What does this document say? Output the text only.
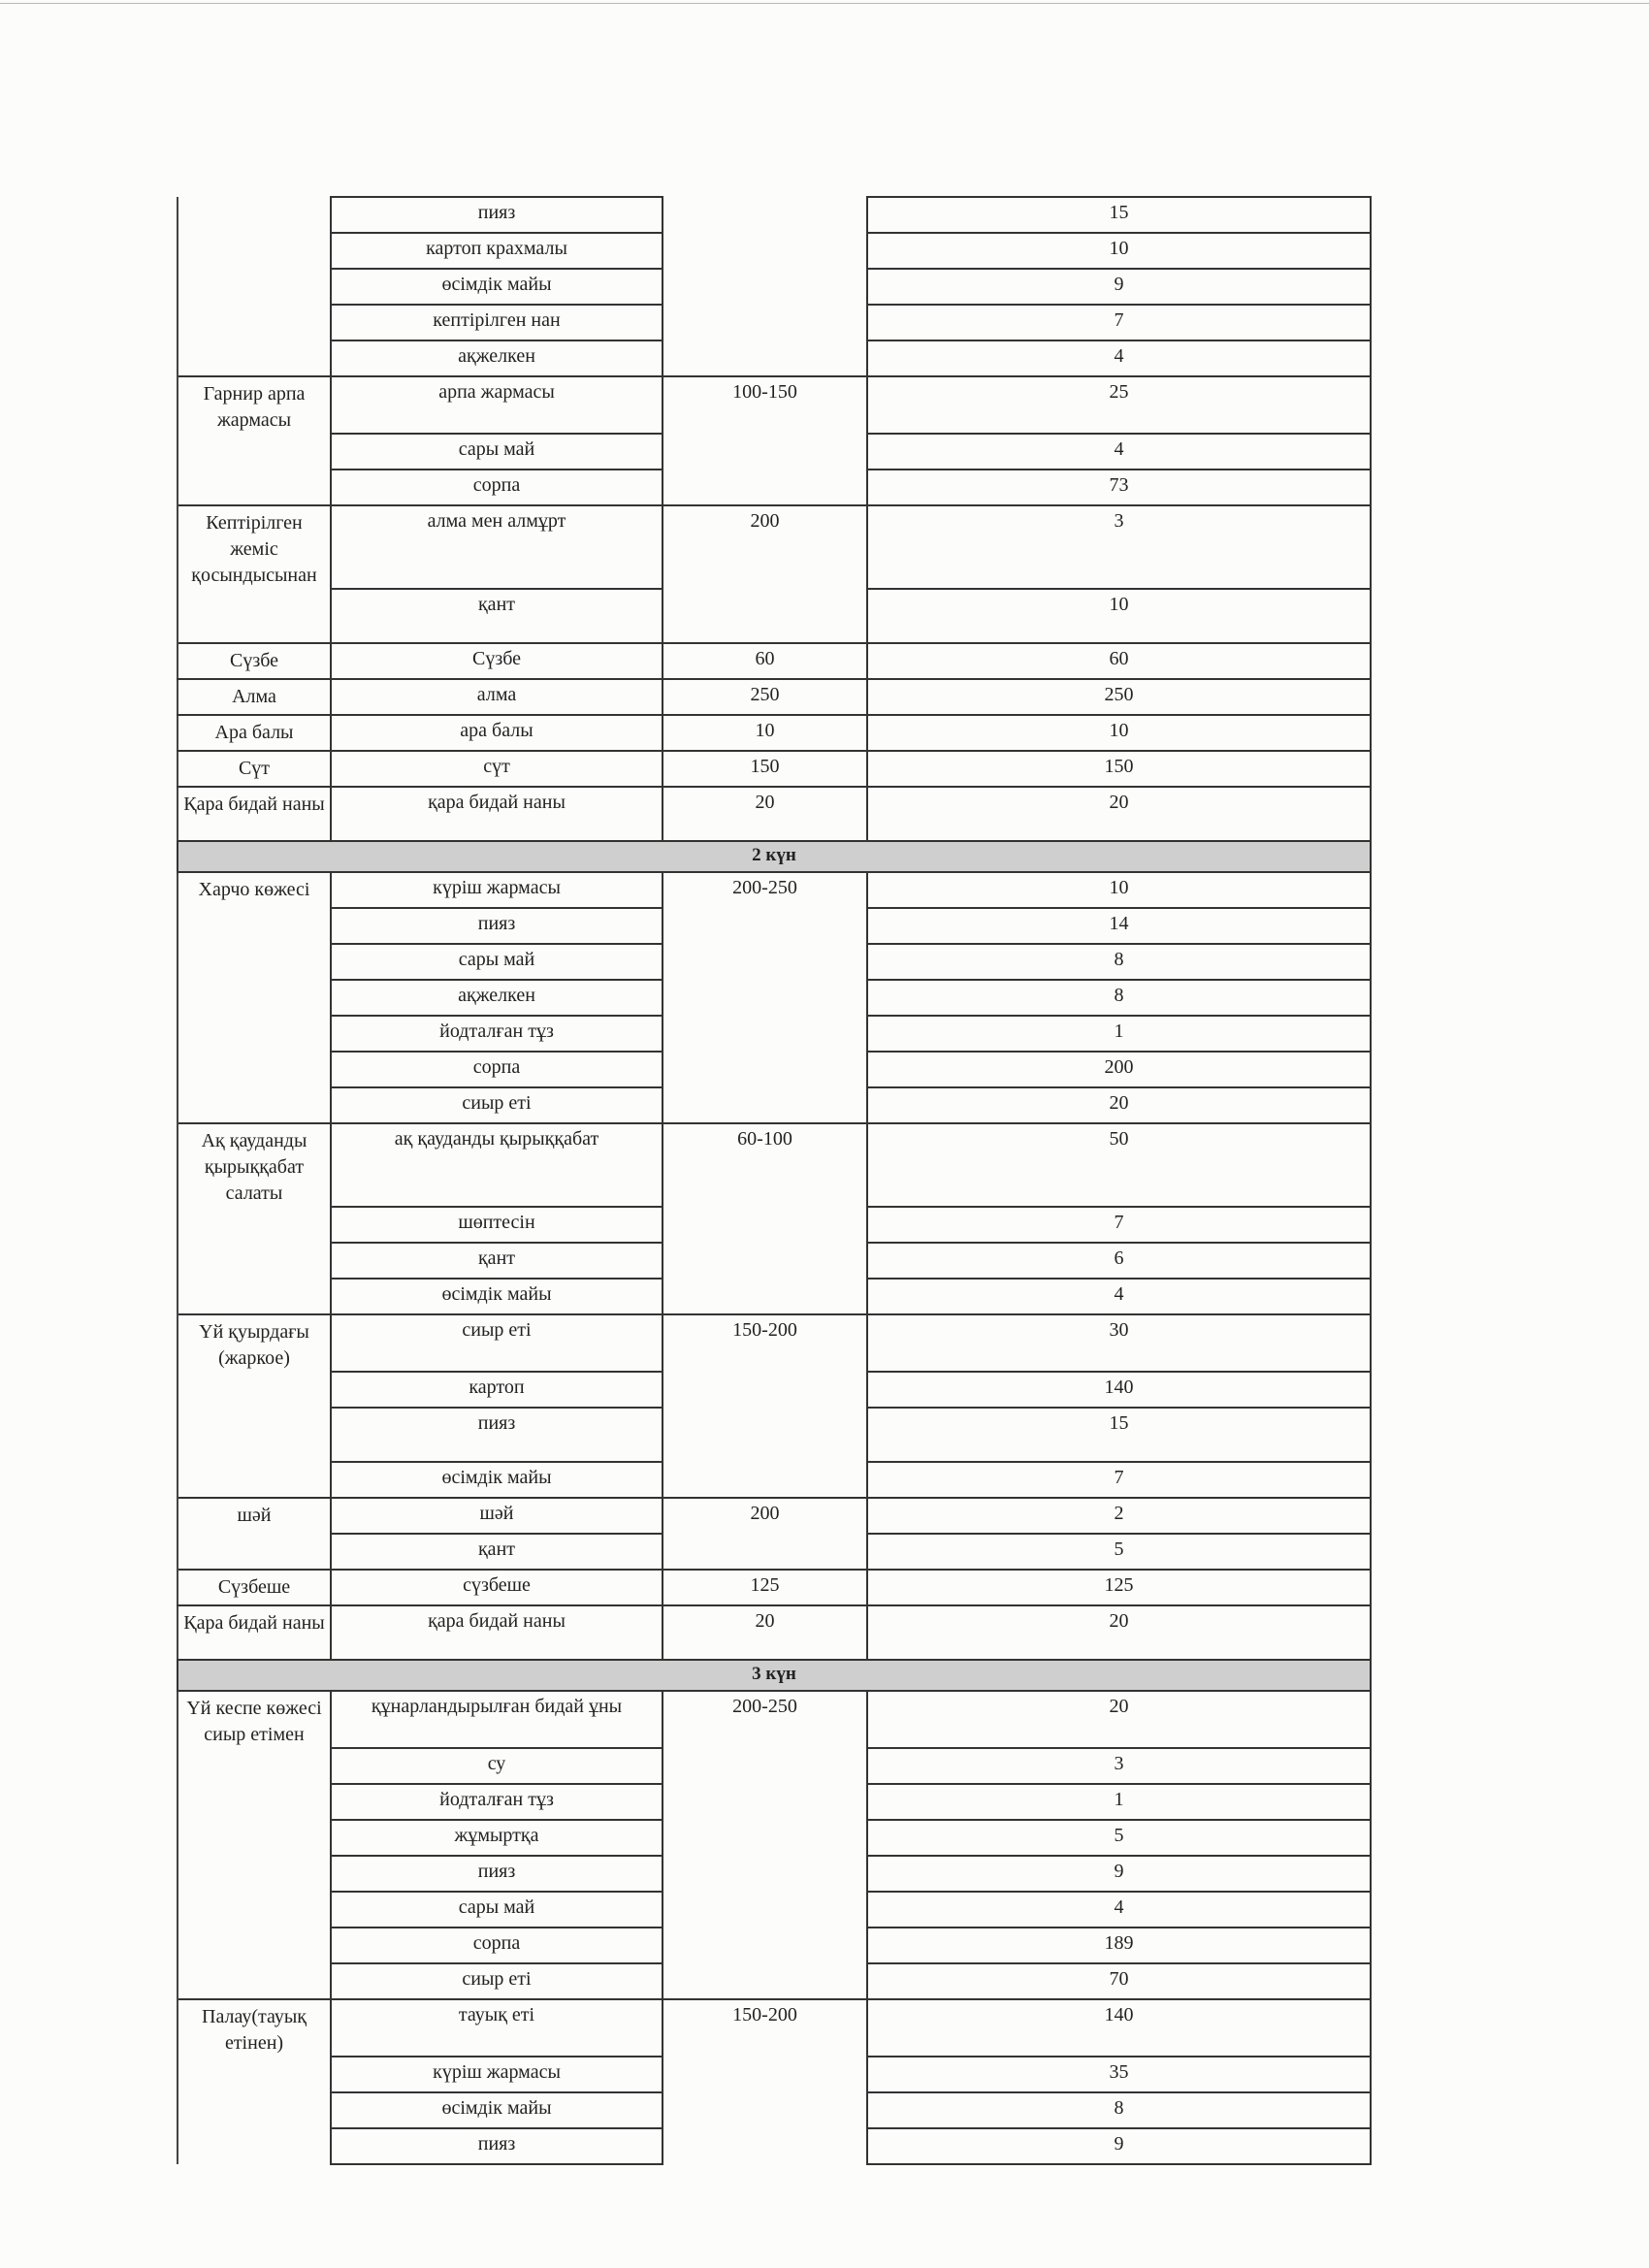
	пияз		15
	картоп крахмалы		10
	өсімдік майы		9
	кептірілген нан		7
	ақжелкен		4
Гарнир арпа жармасы	арпа жармасы	100-150	25
	сары май		4
	сорпа		73
Кептірілген жеміс қосындысынан	алма мен алмұрт	200	3
	қант		10
Сүзбе	Сүзбе	60	60
Алма	алма	250	250
Ара балы	ара балы	10	10
Сүт	сүт	150	150
Қара бидай наны	қара бидай наны	20	20
2 күн			
Харчо көжесі	күріш жармасы	200-250	10
	пияз		14
	сары май		8
	ақжелкен		8
	йодталған тұз		1
	сорпа		200
	сиыр еті		20
Ақ қауданды қырыққабат салаты	ақ қауданды қырыққабат	60-100	50
	шөптесін		7
	қант		6
	өсімдік майы		4
Үй қуырдағы (жаркое)	сиыр еті	150-200	30
	картоп		140
	пияз		15
	өсімдік майы		7
шәй	шәй	200	2
	қант		5
Сүзбеше	сүзбеше	125	125
Қара бидай наны	қара бидай наны	20	20
3 күн			
Үй кеспе көжесі сиыр етімен	құнарландырылған бидай ұны	200-250	20
	су		3
	йодталған тұз		1
	жұмыртқа		5
	пияз		9
	сары май		4
	сорпа		189
	сиыр еті		70
Палау(тауық етінен)	тауық еті	150-200	140
	күріш жармасы		35
	өсімдік майы		8
	пияз		9
